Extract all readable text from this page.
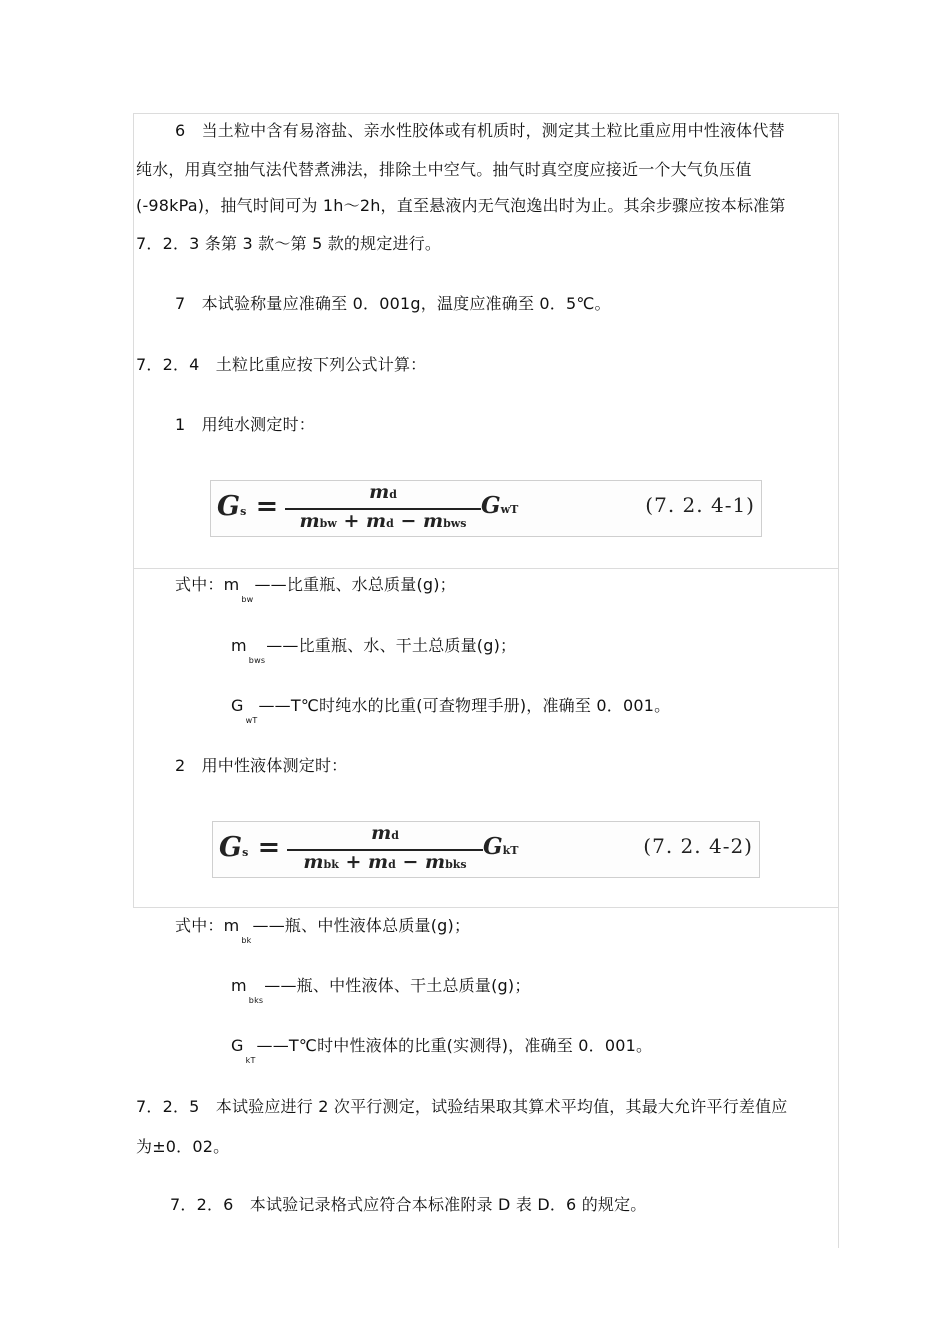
6　当土粒中含有易溶盐、亲水性胶体或有机质时，测定其土粒比重应用中性液体代替
纯水，用真空抽气法代替煮沸法，排除土中空气。抽气时真空度应接近一个大气负压值
(-98kPa)，抽气时间可为 1h～2h，直至悬液内无气泡逸出时为止。其余步骤应按本标准第
7．2．3 条第 3 款～第 5 款的规定进行。
7　本试验称量应准确至 0．001g，温度应准确至 0．5℃。
7．2．4　土粒比重应按下列公式计算：
1　用纯水测定时：
Gs =	md
mbw + md − mbws
GwT	(7. 2. 4-1)
式中：$m_{bw}——$比重瓶、水总质量(g)；
$m_{bws}——$比重瓶、水、干土总质量(g)；
$G_{wT}——T℃$时纯水的比重(可查物理手册)，准确至 0．001。
2　用中性液体测定时：
Gs =	md
mbk + md − mbks
GkT	(7. 2. 4-2)
式中：$m_{bk}——$瓶、中性液体总质量(g)；
$m_{bks}——$瓶、中性液体、干土总质量(g)；
$G_{kT}——T℃$时中性液体的比重(实测得)，准确至 0．001。
7．2．5　本试验应进行 2 次平行测定，试验结果取其算术平均值，其最大允许平行差值应
为±0．02。
7．2．6　本试验记录格式应符合本标准附录 D 表 D．6 的规定。
